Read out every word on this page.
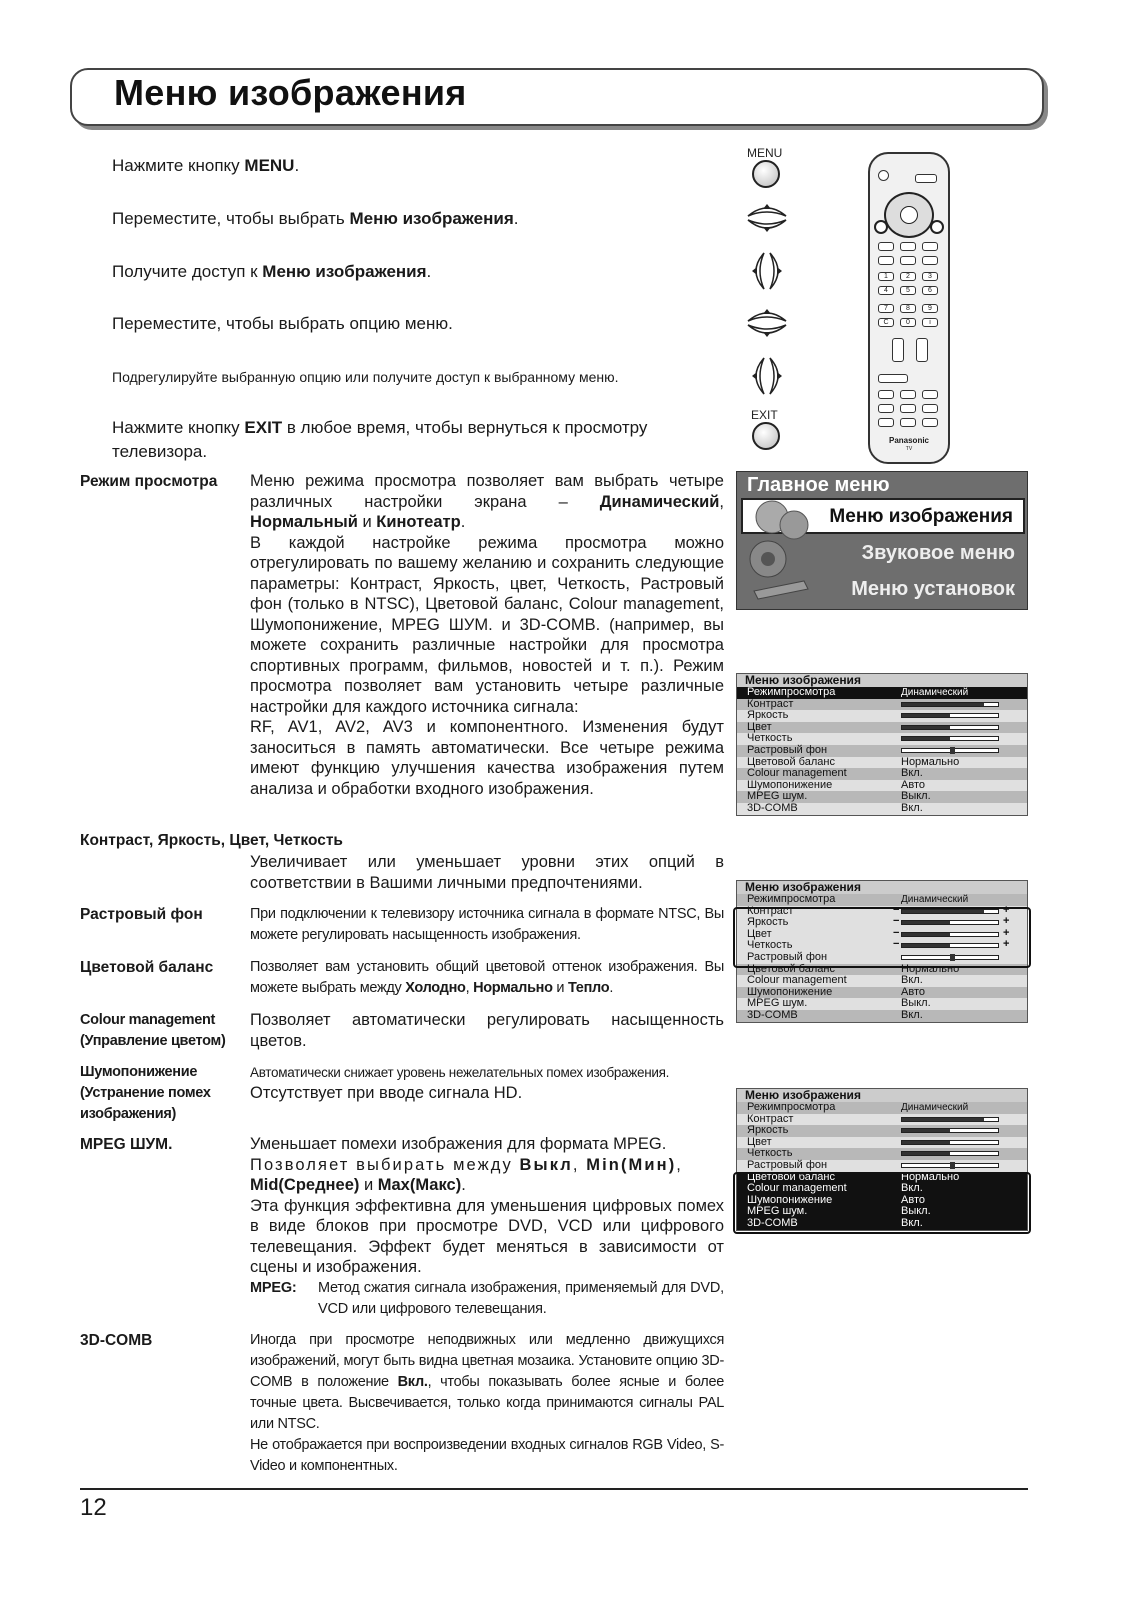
Меню изображения
Нажмите кнопку MENU.
Переместите, чтобы выбрать Меню изображения.
Получите доступ к Меню изображения.
Переместите, чтобы выбрать опцию меню.
Подрегулируйте выбранную опцию или получите доступ к выбранному меню.
Нажмите кнопку EXIT в любое время, чтобы вернуться к просмотру
телевизора.
MENU
EXIT
1	2	3
4	5	6
7	8	9
C	0	i
Panasonic
TV
Режим просмотра Меню режима просмотра позволяет вам выбрать четыре различных настройки экрана – Динамический, Нормальный и Кинотеатр.
В каждой настройке режима просмотра можно отрегулировать по вашему желанию и сохранить следующие параметры: Контраст, Яркость, цвет, Четкость, Растровый фон (только в NTSC), Цветовой баланс, Colour management, Шумопонижение, MPEG ШУМ. и 3D-COMB. (например, вы можете сохранить различные настройки для просмотра спортивных программ, фильмов, новостей и т. п.). Режим просмотра позволяет вам установить четыре различные настройки для каждого источника сигнала:
RF, AV1, AV2, AV3 и компонентного. Изменения будут заноситься в память автоматически. Все четыре режима имеют функцию улучшения качества изображения путем анализа и обработки входного изображения.
Контраст, Яркость, Цвет, Четкость
Увеличивает или уменьшает уровни этих опций в соответствии в Вашими личными предпочтениями.
Растровый фон	При подключении к телевизору источника сигнала в формате NTSC, Вы можете регулировать насыщенность изображения.
Цветовой баланс	Позволяет вам установить общий цветовой оттенок изображения. Вы можете выбрать между Холодно, Нормально и Тепло.
Colour management
(Управление цветом)
Позволяет автоматически регулировать насыщенность цветов.
Шумопонижение
(Устранение помех
изображения)
Автоматически снижает уровень нежелательных помех изображения.
Отсутствует при вводе сигнала HD.
MPEG ШУМ.	Уменьшает помехи изображения для формата MPEG.
Позволяет выбирать между Выкл, Min(Мин),
Mid(Среднее) и Max(Макс).
Эта функция эффективна для уменьшения цифровых помех в виде блоков при просмотре DVD, VCD или цифрового телевещания. Эффект будет меняться в зависимости от сцены и изображения.
MPEG: Метод сжатия сигнала изображения, применяемый для DVD, VCD или цифрового телевещания.
3D-COMB	Иногда при просмотре неподвижных или медленно движущихся изображений, могут быть видна цветная мозаика. Установите опцию 3D-COMB в положение Вкл., чтобы показывать более ясные и более точные цвета. Высвечивается, только когда принимаются сигналы PAL или NTSC.
Не отображается при воспроизведении входных сигналов RGB Video, S-Video и компонентных.
Главное меню
Меню изображения
Звуковое меню
Меню установок
Меню изображения
Режимпросмотра	Динамический
Контраст
Яркость
Цвет
Четкость
Растровый фон
Цветовой баланс	Нормально
Colour management	Вкл.
Шумопонижение	Авто
MPEG шум.	Выкл.
3D-COMB	Вкл.
Меню изображения
Режимпросмотра	Динамический
Контраст	−	+
Яркость	−	+
Цвет	−	+
Четкость	−	+
Растровый фон
Цветовой баланс	Нормально
Colour management	Вкл.
Шумопонижение	Авто
MPEG шум.	Выкл.
3D-COMB	Вкл.
Меню изображения
Режимпросмотра	Динамический
Контраст
Яркость
Цвет
Четкость
Растровый фон
Цветовой баланс	Нормально
Colour management	Вкл.
Шумопонижение	Авто
MPEG шум.	Выкл.
3D-COMB	Вкл.
12
